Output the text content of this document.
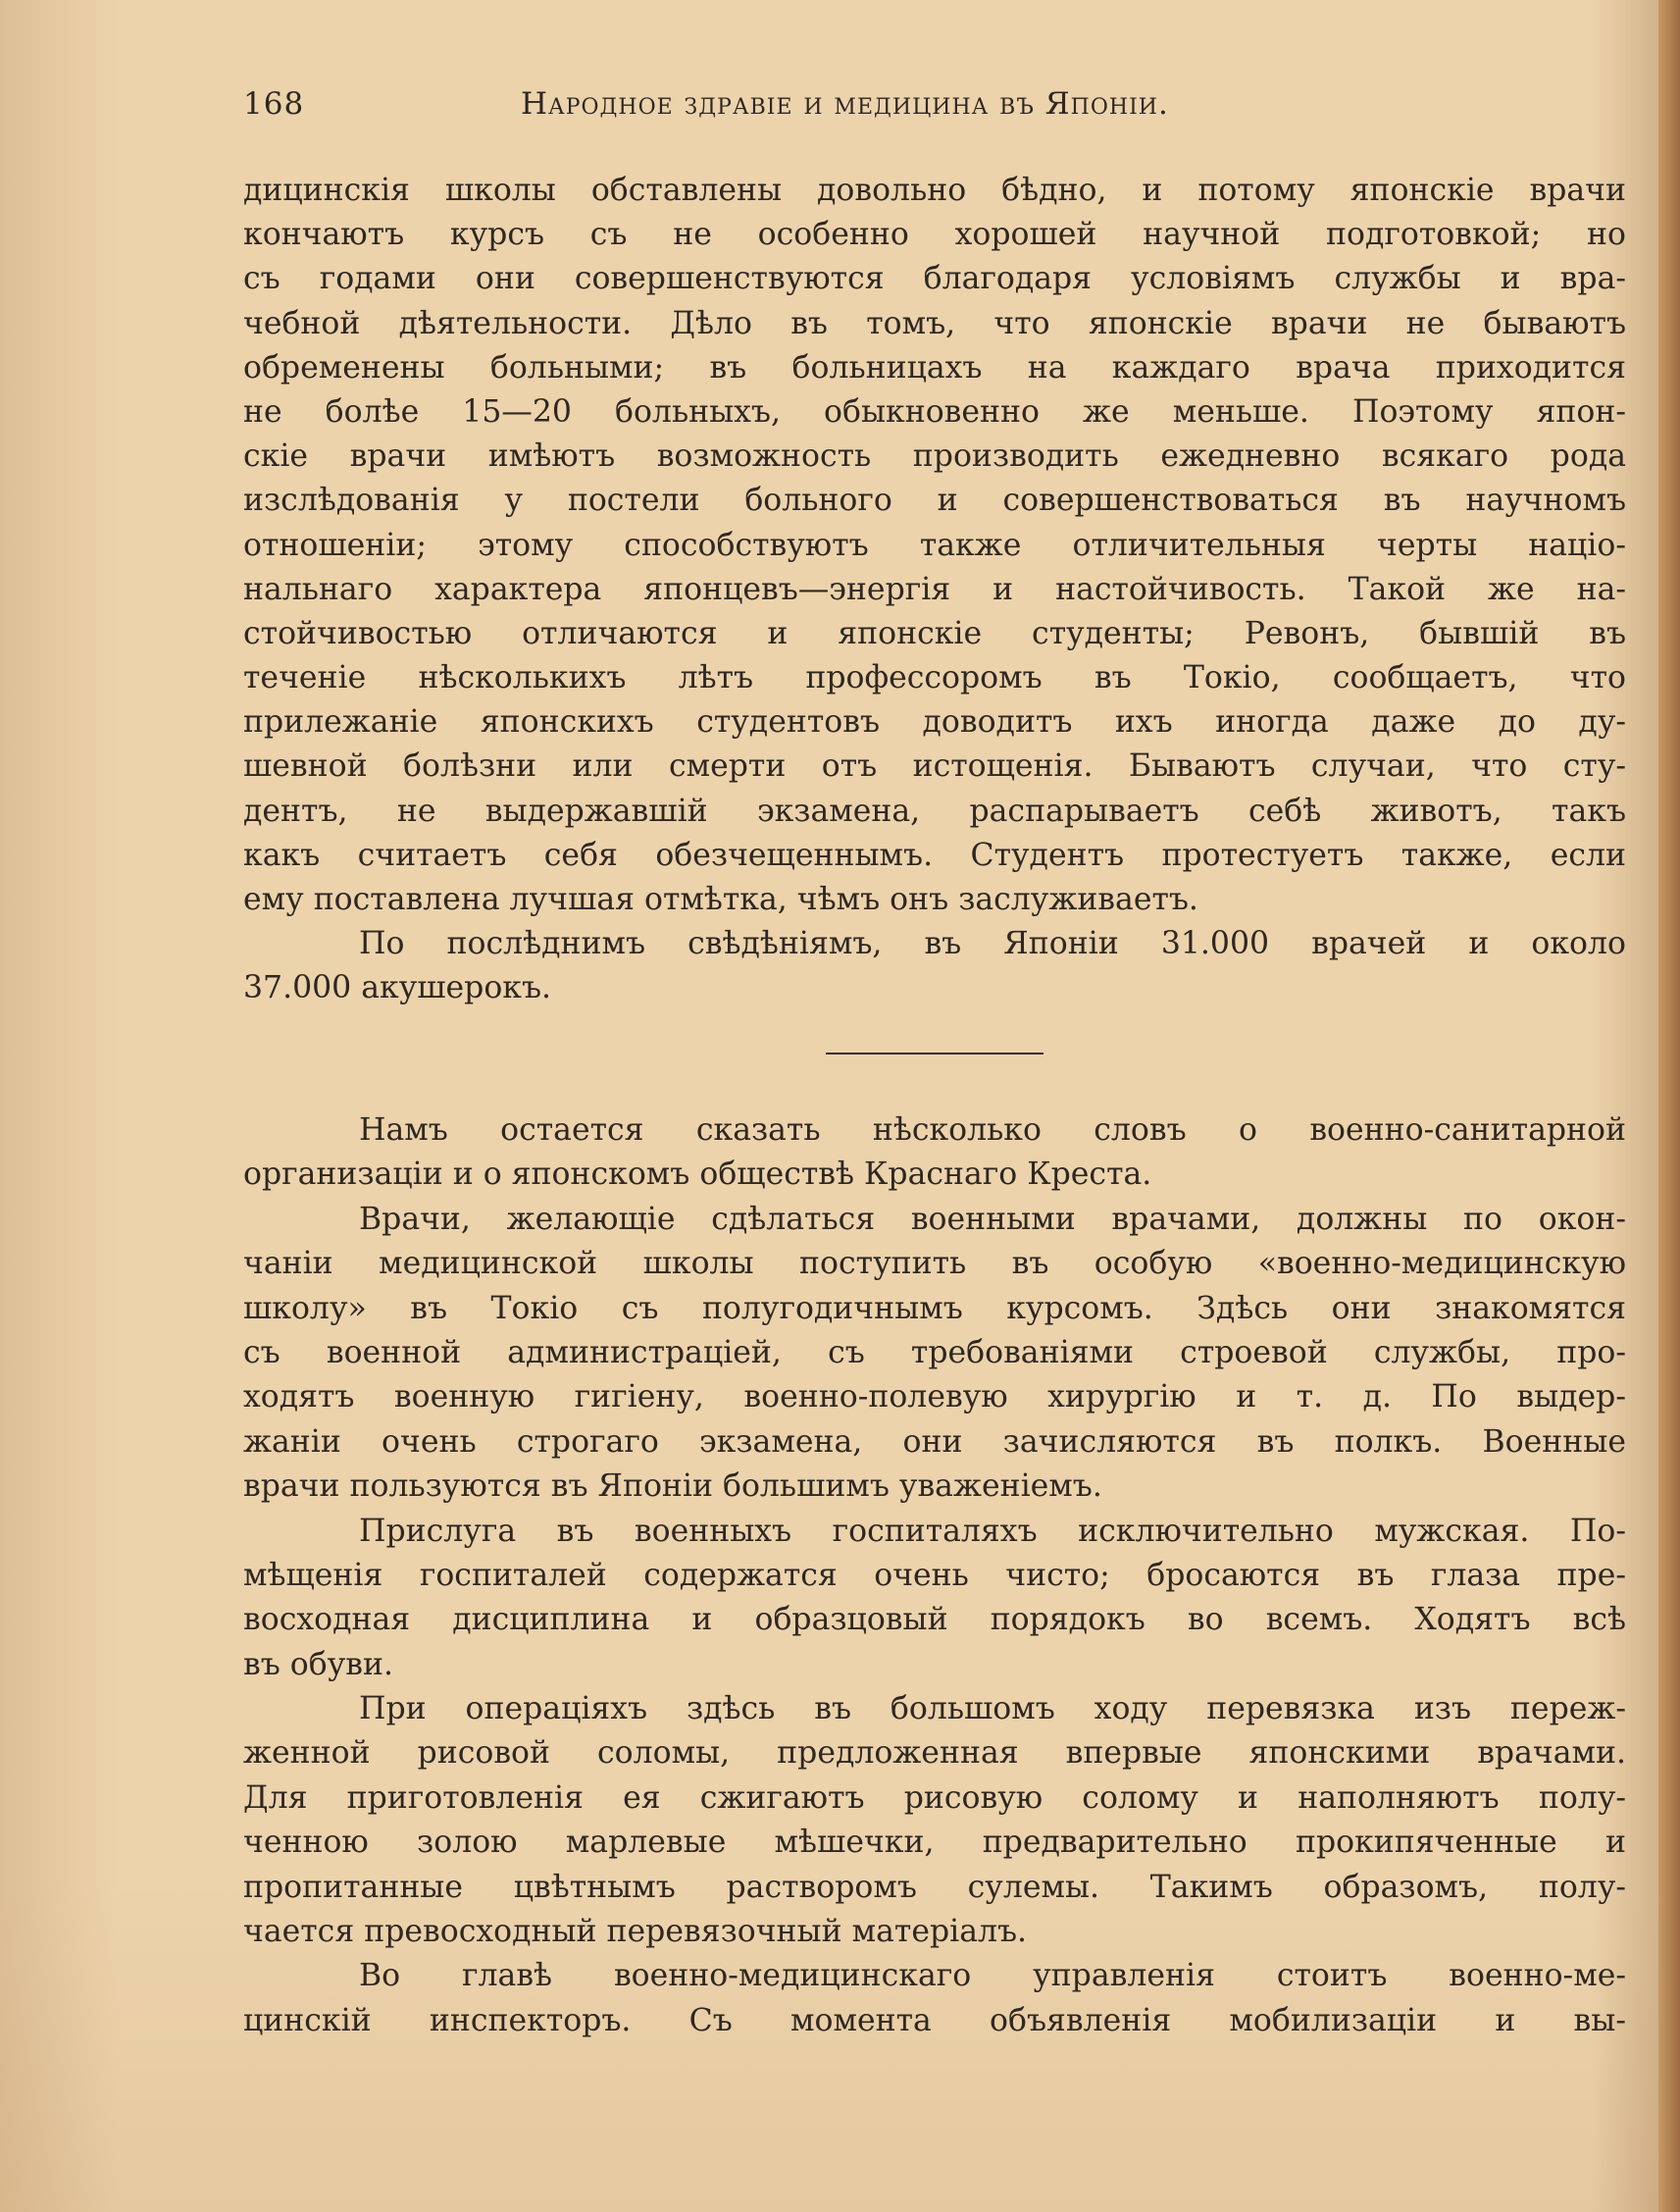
168	Народное здравіе и медицина въ Японіи.
дицинскія школы обставлены довольно бѣдно, и потому японскіе врачи
кончаютъ курсъ съ не особенно хорошей научной подготовкой; но
съ годами они совершенствуются благодаря условіямъ службы и вра-
чебной дѣятельности. Дѣло въ томъ, что японскіе врачи не бываютъ
обременены больными; въ больницахъ на каждаго врача приходится
не болѣе 15—20 больныхъ, обыкновенно же меньше. Поэтому япон-
скіе врачи имѣютъ возможность производить ежедневно всякаго рода
изслѣдованія у постели больного и совершенствоваться въ научномъ
отношеніи; этому способствуютъ также отличительныя черты націо-
нальнаго характера японцевъ—энергія и настойчивость. Такой же на-
стойчивостью отличаются и японскіе студенты; Ревонъ, бывшій въ
теченіе нѣсколькихъ лѣтъ профессоромъ въ Токіо, сообщаетъ, что
прилежаніе японскихъ студентовъ доводитъ ихъ иногда даже до ду-
шевной болѣзни или смерти отъ истощенія. Бываютъ случаи, что сту-
дентъ, не выдержавшій экзамена, распарываетъ себѣ животъ, такъ
какъ считаетъ себя обезчещеннымъ. Студентъ протестуетъ также, если
ему поставлена лучшая отмѣтка, чѣмъ онъ заслуживаетъ.
По послѣднимъ свѣдѣніямъ, въ Японіи 31.000 врачей и около
37.000 акушерокъ.
Намъ остается сказать нѣсколько словъ о военно-санитарной
организаціи и о японскомъ обществѣ Краснаго Креста.
Врачи, желающіе сдѣлаться военными врачами, должны по окон-
чаніи медицинской школы поступить въ особую «военно-медицинскую
школу» въ Токіо съ полугодичнымъ курсомъ. Здѣсь они знакомятся
съ военной администраціей, съ требованіями строевой службы, про-
ходятъ военную гигіену, военно-полевую хирургію и т. д. По выдер-
жаніи очень строгаго экзамена, они зачисляются въ полкъ. Военные
врачи пользуются въ Японіи большимъ уваженіемъ.
Прислуга въ военныхъ госпиталяхъ исключительно мужская. По-
мѣщенія госпиталей содержатся очень чисто; бросаются въ глаза пре-
восходная дисциплина и образцовый порядокъ во всемъ. Ходятъ всѣ
въ обуви.
При операціяхъ здѣсь въ большомъ ходу перевязка изъ переж-
женной рисовой соломы, предложенная впервые японскими врачами.
Для приготовленія ея сжигаютъ рисовую солому и наполняютъ полу-
ченною золою марлевые мѣшечки, предварительно прокипяченные и
пропитанные цвѣтнымъ растворомъ сулемы. Такимъ образомъ, полу-
чается превосходный перевязочный матеріалъ.
Во главѣ военно-медицинскаго управленія стоитъ военно-ме-
цинскій инспекторъ. Съ момента объявленія мобилизаціи и вы-
